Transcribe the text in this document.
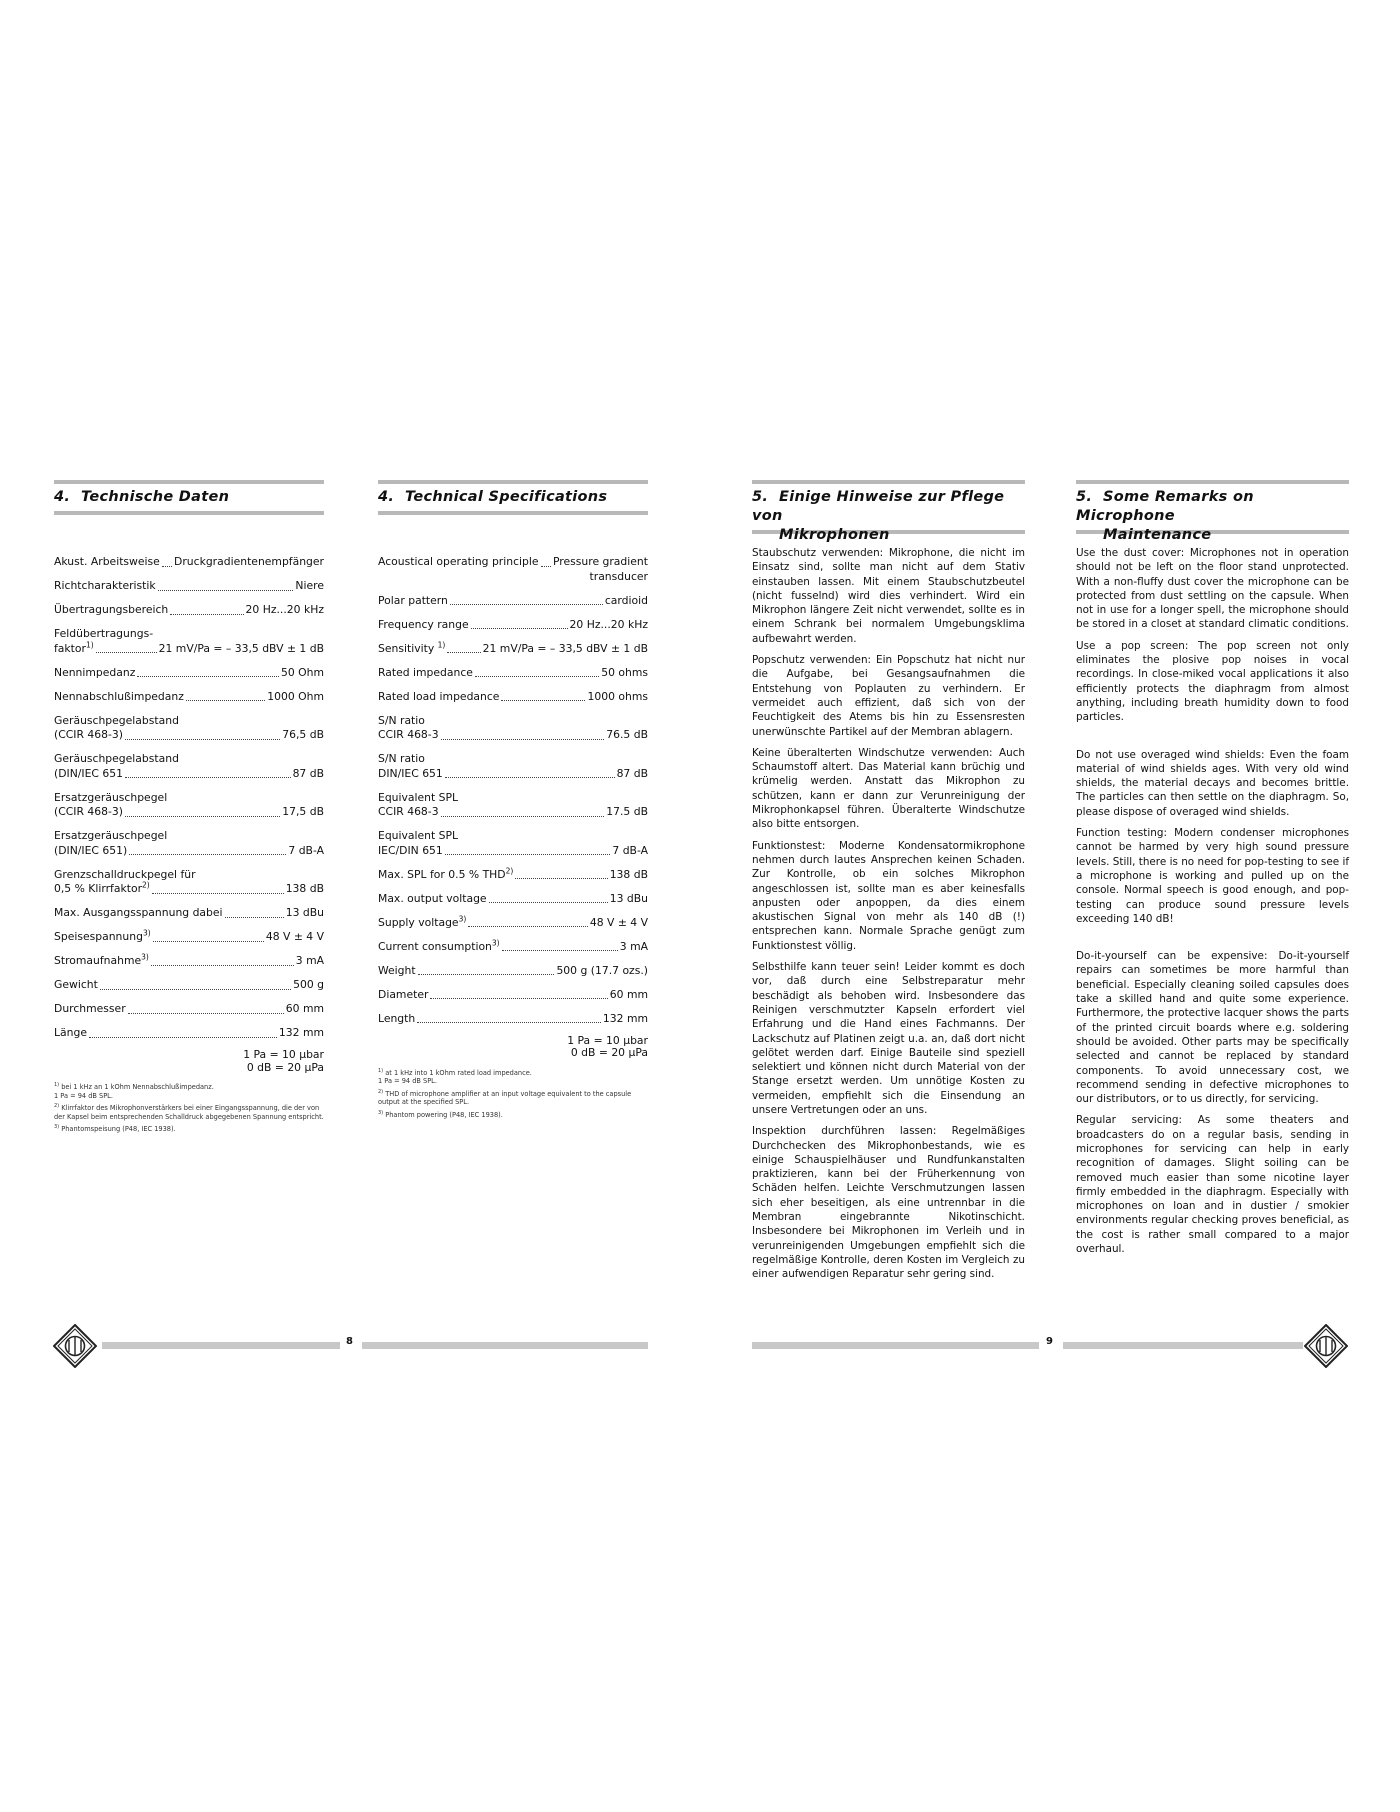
4. Technische Daten
Akust. Arbeitsweise Druckgradientenempfänger
Richtcharakteristik	Niere
Übertragungsbereich	20 Hz...20 kHz
Feldübertragungs-
faktor$^{1)}$	21 mV/Pa = – 33,5 dBV ± 1 dB
Nennimpedanz	50 Ohm
Nennabschlußimpedanz	1000 Ohm
Geräuschpegelabstand
(CCIR 468-3)	76,5 dB
Geräuschpegelabstand
(DIN/IEC 651	87 dB
Ersatzgeräuschpegel
(CCIR 468-3)	17,5 dB
Ersatzgeräuschpegel
(DIN/IEC 651)	7 dB-A
Grenzschalldruckpegel für
0,5 % Klirrfaktor$^{2)}$	138 dB
Max. Ausgangsspannung dabei	13 dBu
Speisespannung$^{3)}$	48 V ± 4 V
Stromaufnahme$^{3)}$	3 mA
Gewicht	500 g
Durchmesser	60 mm
Länge	132 mm
1 Pa = 10 µbar
0 dB = 20 µPa

$^{1)}$ bei 1 kHz an 1 kOhm Nennabschlußimpedanz.
1 Pa = 94 dB SPL.

$^{2)}$ Klirrfaktor des Mikrophonverstärkers bei einer Eingangsspannung, die der von der Kapsel beim entsprechenden Schalldruck abgegebenen Spannung entspricht.

$^{3)}$ Phantomspeisung (P48, IEC 1938).

4. Technical Specifications
Acoustical operating principle Pressure gradient
transducer
Polar pattern	cardioid
Frequency range	20 Hz...20 kHz
Sensitivity $^{1)}$	21 mV/Pa = – 33,5 dBV ± 1 dB
Rated impedance	50 ohms
Rated load impedance	1000 ohms
S/N ratio
CCIR 468-3	76.5 dB
S/N ratio
DIN/IEC 651	87 dB
Equivalent SPL
CCIR 468-3	17.5 dB
Equivalent SPL
IEC/DIN 651	7 dB-A
Max. SPL for 0.5 % THD$^{2)}$	138 dB
Max. output voltage	13 dBu
Supply voltage$^{3)}$	48 V ± 4 V
Current consumption$^{3)}$	3 mA
Weight	500 g (17.7 ozs.)
Diameter	60 mm
Length	132 mm
1 Pa = 10 µbar
0 dB = 20 µPa

$^{1)}$ at 1 kHz into 1 kOhm rated load impedance.
1 Pa = 94 dB SPL.

$^{2)}$ THD of microphone amplifier at an input voltage equivalent to the capsule output at the specified SPL.

$^{3)}$ Phantom powering (P48, IEC 1938).

5. Einige Hinweise zur Pflege von
Mikrophonen

Staubschutz verwenden: Mikrophone, die nicht im Einsatz sind, sollte man nicht auf dem Stativ einstauben lassen. Mit einem Staubschutzbeutel (nicht fusselnd) wird dies verhindert. Wird ein Mikrophon längere Zeit nicht verwendet, sollte es in einem Schrank bei normalem Umgebungsklima aufbewahrt werden.

Popschutz verwenden: Ein Popschutz hat nicht nur die Aufgabe, bei Gesangsaufnahmen die Entstehung von Poplauten zu verhindern. Er vermeidet auch effizient, daß sich von der Feuchtigkeit des Atems bis hin zu Essensresten unerwünschte Partikel auf der Membran ablagern.

Keine überalterten Windschutze verwenden: Auch Schaumstoff altert. Das Material kann brüchig und krümelig werden. Anstatt das Mikrophon zu schützen, kann er dann zur Verunreinigung der Mikrophonkapsel führen. Überalterte Windschutze also bitte entsorgen.

Funktionstest: Moderne Kondensatormikrophone nehmen durch lautes Ansprechen keinen Schaden. Zur Kontrolle, ob ein solches Mikrophon angeschlossen ist, sollte man es aber keinesfalls anpusten oder anpoppen, da dies einem akustischen Signal von mehr als 140 dB (!) entsprechen kann. Normale Sprache genügt zum Funktionstest völlig.

Selbsthilfe kann teuer sein! Leider kommt es doch vor, daß durch eine Selbstreparatur mehr beschädigt als behoben wird. Insbesondere das Reinigen verschmutzter Kapseln erfordert viel Erfahrung und die Hand eines Fachmanns. Der Lackschutz auf Platinen zeigt u.a. an, daß dort nicht gelötet werden darf. Einige Bauteile sind speziell selektiert und können nicht durch Material von der Stange ersetzt werden. Um unnötige Kosten zu vermeiden, empfiehlt sich die Einsendung an unsere Vertretungen oder an uns.

Inspektion durchführen lassen: Regelmäßiges Durchchecken des Mikrophonbestands, wie es einige Schauspielhäuser und Rundfunkanstalten praktizieren, kann bei der Früherkennung von Schäden helfen. Leichte Verschmutzungen lassen sich eher beseitigen, als eine untrennbar in die Membran eingebrannte Nikotinschicht. Insbesondere bei Mikrophonen im Verleih und in verunreinigenden Umgebungen empfiehlt sich die regelmäßige Kontrolle, deren Kosten im Vergleich zu einer aufwendigen Reparatur sehr gering sind.

5. Some Remarks on Microphone
Maintenance

Use the dust cover: Microphones not in operation should not be left on the floor stand unprotected. With a non-fluffy dust cover the microphone can be protected from dust settling on the capsule. When not in use for a longer spell, the microphone should be stored in a closet at standard climatic conditions.

Use a pop screen: The pop screen not only eliminates the plosive pop noises in vocal recordings. In close-miked vocal applications it also efficiently protects the diaphragm from almost anything, including breath humidity down to food particles.

Do not use overaged wind shields: Even the foam material of wind shields ages. With very old wind shields, the material decays and becomes brittle. The particles can then settle on the diaphragm. So, please dispose of overaged wind shields.

Function testing: Modern condenser microphones cannot be harmed by very high sound pressure levels. Still, there is no need for pop-testing to see if a microphone is working and pulled up on the console. Normal speech is good enough, and pop-testing can produce sound pressure levels exceeding 140 dB!

Do-it-yourself can be expensive: Do-it-yourself repairs can sometimes be more harmful than beneficial. Especially cleaning soiled capsules does take a skilled hand and quite some experience. Furthermore, the protective lacquer shows the parts of the printed circuit boards where e.g. soldering should be avoided. Other parts may be specifically selected and cannot be replaced by standard components. To avoid unnecessary cost, we recommend sending in defective microphones to our distributors, or to us directly, for servicing.

Regular servicing: As some theaters and broadcasters do on a regular basis, sending in microphones for servicing can help in early recognition of damages. Slight soiling can be removed much easier than some nicotine layer firmly embedded in the diaphragm. Especially with microphones on loan and in dustier / smokier environments regular checking proves beneficial, as the cost is rather small compared to a major overhaul.

8	9
